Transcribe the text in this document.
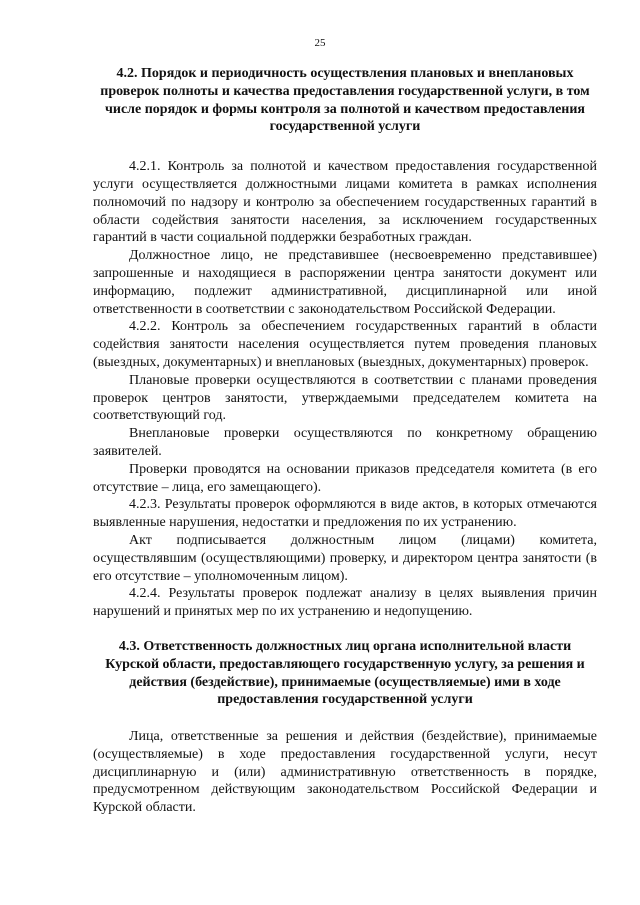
25

4.2. Порядок и периодичность осуществления плановых и внеплановых проверок полноты и качества предоставления государственной услуги, в том числе порядок и формы контроля за полнотой и качеством предоставления государственной услуги

4.2.1. Контроль за полнотой и качеством предоставления государственной услуги осуществляется должностными лицами комитета в рамках исполнения полномочий по надзору и контролю за обеспечением государственных гарантий в области содействия занятости населения, за исключением государственных гарантий в части социальной поддержки безработных граждан.

Должностное лицо, не представившее (несвоевременно представившее) запрошенные и находящиеся в распоряжении центра занятости документ или информацию, подлежит административной, дисциплинарной или иной ответственности в соответствии с законодательством Российской Федерации.

4.2.2. Контроль за обеспечением государственных гарантий в области содействия занятости населения осуществляется путем проведения плановых (выездных, документарных) и внеплановых (выездных, документарных) проверок.

Плановые проверки осуществляются в соответствии с планами проведения проверок центров занятости, утверждаемыми председателем комитета на соответствующий год.

Внеплановые проверки осуществляются по конкретному обращению заявителей.

Проверки проводятся на основании приказов председателя комитета (в его отсутствие – лица, его замещающего).

4.2.3. Результаты проверок оформляются в виде актов, в которых отмечаются выявленные нарушения, недостатки и предложения по их устранению.

Акт подписывается должностным лицом (лицами) комитета, осуществлявшим (осуществляющими) проверку, и директором центра занятости (в его отсутствие – уполномоченным лицом).

4.2.4. Результаты проверок подлежат анализу в целях выявления причин нарушений и принятых мер по их устранению и недопущению.

4.3. Ответственность должностных лиц органа исполнительной власти Курской области, предоставляющего государственную услугу, за решения и действия (бездействие), принимаемые (осуществляемые) ими в ходе предоставления государственной услуги

Лица, ответственные за решения и действия (бездействие), принимаемые (осуществляемые) в ходе предоставления государственной услуги, несут дисциплинарную и (или) административную ответственность в порядке, предусмотренном действующим законодательством Российской Федерации и Курской области.
